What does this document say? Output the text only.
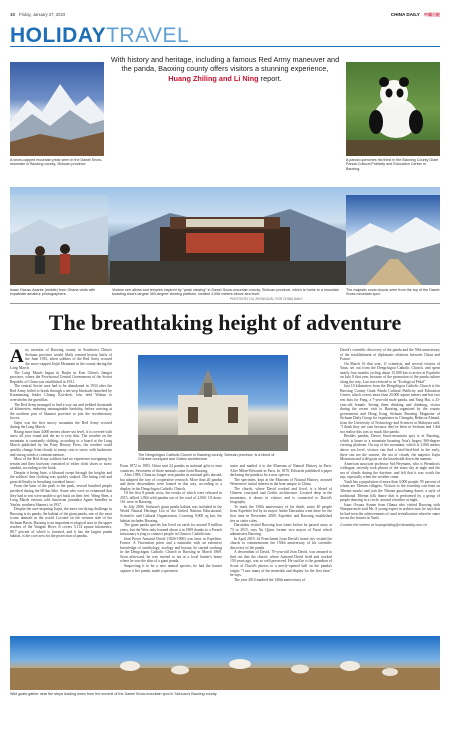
10 Friday, January 27, 2023	CHINA DAILY 中国日报
HOLIDAYTRAVEL
With history and heritage, including a famous Red Army maneuver and the panda, Baoxing county offers visitors a stunning experience, Huang Zhiling and Li Ning report.
A snow-capped mountain peak seen in the Dawei Snow-mountain in Baoxing county, Sichuan province.
A panda quenches his thirst in the Baoxing County Giant Panda Cultural Publicity and Education Center in Baoxing.
Isaac Owusu Asante (middle) from Ghana visits with expatriate amateur photographers.
The majestic snow clouds seen from the top of the Dawei Snow-mountain spot.
Visitors see atkins and temples inspired by "peak viewing" in Dawei Snow-mountain county, Sichuan province, which is home to a mountain boasting Asia's largest 360-degree viewing platform, located 3,066 meters above sea level.
PHOTOS BY LIU ZHONGJUN / FOR CHINA DAILY
The breathtaking height of adventure

Any mention of Baoxing county in Southwest China's Sichuan province would likely remind history buffs of the June 1935, when soldiers of the Red Army crossed the snow-capped Jiajin Mountain in the county during the Long March.

The Long March began in Ruijin in East China's Jiangxi province, where the Provisional Central Government of the Soviet Republic of China was established in 1931.

The central Soviet area had to be abandoned in 1934 after the Red Army failed to break through a ten-step blockade launched by Kuomintang leader Chiang Kai-shek, who held Wuhan to overwhelm the guerrillas.

The Red Army managed to find a way out and trekked thousands of kilometers, enduring unimaginable hardship, before arriving at the northern part of Shaanxi province to join the revolutionary forces.

Jiajin was the first snowy mountain the Red Army crossed during the Long March.

Rising more than 4,000 meters above sea level, it is covered with snow all year round and the air is very thin. The weather on the mountain is constantly shifting, according to a board at the Long March published by the Party History Press, the weather could quickly change from cloudy to sunny, rain to snow, with hailstones and strong winds a constant menace.

Most of the Red Army soldiers had no experience navigating by terrain and their footwear consisted of either cloth shoes or straw sandals, according to the book.

Despite it being June, a blizzard swept through the heights and the soldiers' thin clothing was quickly soaked. The biting cold and great difficulty in breathing wreaked havoc.

From the base of the peak to the peak, several hundred people perished during the 60-km hike. Some who were so exhausted that they had to rest were unable to get back on their feet. Wang Shen, a Long March veteran, told American journalist Agnes Smedley in Yan'an, northern Shaanxi, in 1937.

Despite the awe-inspiring Jiajin, the more terrifying challenge in Baoxing is its panda, the habitat of the giant panda, one of the most iconic animals in the world. Located on the western side of the Sichuan Basin, Baoxing is an important ecological area in the upper reaches of the Yangtze River. It covers 3,114 square kilometers, 88.7 percent of which is forested, and it has the largest panda habitat, is the core area for the protection of pandas.

The Dengchigou Catholic Church in Baoxing county, Sichuan province, is a blend of Chinese courtyard and Gothic architecture.

From 1872 to 1883, China sent 24 pandas as national gifts to nine countries. Seventeen of those animals came from Baoxing.

After 1983, China no longer sent pandas as national gifts abroad, but adopted the way of cooperative research. More than 20 pandas and three descendants were loaned in this way, according to a display in the Dengchigou Catholic Church.

Of the first 8 panda cross, the results of which were released in 2015, tallied 1,864 wild pandas out of the total of 2,060. Of those, 161 were in Baoxing.

In July 2006, Sichuan's giant panda habitat was included in the World Natural Heritage List of the United Nations Educational, Scientific and Cultural Organization. Covering 9,000 sq km, the habitat includes Baoxing.

The giant panda species has lived on earth for around 8 million years, but the West only learned about it in 1869 thanks to a French missionary trying to connect people in China to Catholicism.

Jean Pierre Armand David (1826-1900) was born in Espelette, France. A Vincentian priest and a naturalist with an extensive knowledge of ornithology, zoology and botany, he started working in the Dengchigou Catholic Church in Baoxing in March 1869. Soon afterward, he was invited to tea at a local hunter's home where he saw the skin of a giant panda.

Suspecting it to be a new animal species, he had the hunter capture a live panda, made a specimen

tance and mailed it to the Museum of Natural History in Paris. After Milne-Edwards in Paris. In 1870, Edwards published a paper declaring the panda to be a new species.

The specimen, kept at the Museum of Natural History, aroused Westerners' initial interest in the bear unique to China.

The church, where David worked and lived, is a blend of Chinese courtyard and Gothic architecture. Located deep in the mountains, it draws in visitors and is connected to David's biography.

To mark the 150th anniversary of his death, some 40 people from Espelette led by its mayor Andre Darraidou went there for the first time in November 2000. Espelette and Baoxing established ties as sister cities.

Darraidou visited Baoxing four times before he passed away at 73 in 2015, says Xu Qijun, former vice mayor of Yucai which administers Baoxing.

In April 2019, 42 Frenchmen from David's home city visited the church to commemorate the 150th anniversary of his scientific discovery of the panda.

A descendant of David, 70-year-old Jean David, was amazed to find out that the church, where Armand David lived and worked 150 years ago, was so well preserved. He said he is the grandson of Scout of David's photos to a newly-opened hall on the panda's origin, "I saw many of the materials and display for the first time," he says.

The year 2014 marked the 140th anniversary of

David's scientific discovery of the panda and the 50th anniversary of the establishment of diplomatic relations between China and France.

On March 16 that year, 11 scientists, and several visitors of Yaan, set out from the Dengchigou Catholic Church, and spent nearly four months cycling about 15,000 km to arrive at Espelette on July 8 that year, because of the promotion of the panda culture along the way, Luo was referred to as "Ecological Pedal".

Just 10 kilometers from the Dengchigou Catholic Church is the Baoxing County Giant Panda Cultural Publicity and Education Center, which covers more than 20,000 square meters and has two rest huts for Fang, a 7-year-old male panda, and Yang Hai, a 23-year-old female. Seeing them drinking and climbing, visitor during the recent visit to Baoxing organized by the county government and Hong Kong Sichuan Baoxing Magazine of Sichuan Daily Group for expatriates in Chengdu, Rebecca Ahmad, from the University of Technology and Sciences in Malaysia said: "I think they are cute because they've been in Sichuan and I did not realise this was so much like panda.

Besides pandas, Dawei Snow-mountain spot is in Baoxing, which is home to a mountain boasting Asia's largest 360-degree viewing platform. On top of the mountain, which is 3,066 meters above sea level, visitors can find a bird-bird-bird in the early, there can see the sunrise, the sea of clouds, the majestic Jiajin Mountain and wild goats on the boardwalk down the summit.

American associate professor Sid Weymans, who is Wenzhou's colleague, recently took photos of the stairs sky at night and the sea of clouds during the daytime, and felt that it was worth the trip, especially when the weather came.

Yanli has a population of more than 3,000 people, 95 percent of whom are Tibetan villagers. Visitors to the township can feast on Tibetan snacks and join the Tibetan guozhuang dance, a style of traditional Tibetan folk dance that is performed by a group of people dancing in a circle, around a bonfire at night.

Isaac Owusu Asante from Ghana who visited Baoxing with Wanjaoroncle said Mr. A young expert in architecture, he says that he had seen the achievements of rural revitalization when he came across the houses in Yanli.

Contact the writers at huangzhiling@chinadaily.com.cn
Wild goats gather near the steps leading down from the summit of the Dawei Snow-mountain spot in Sichuan's Baoxing county.
